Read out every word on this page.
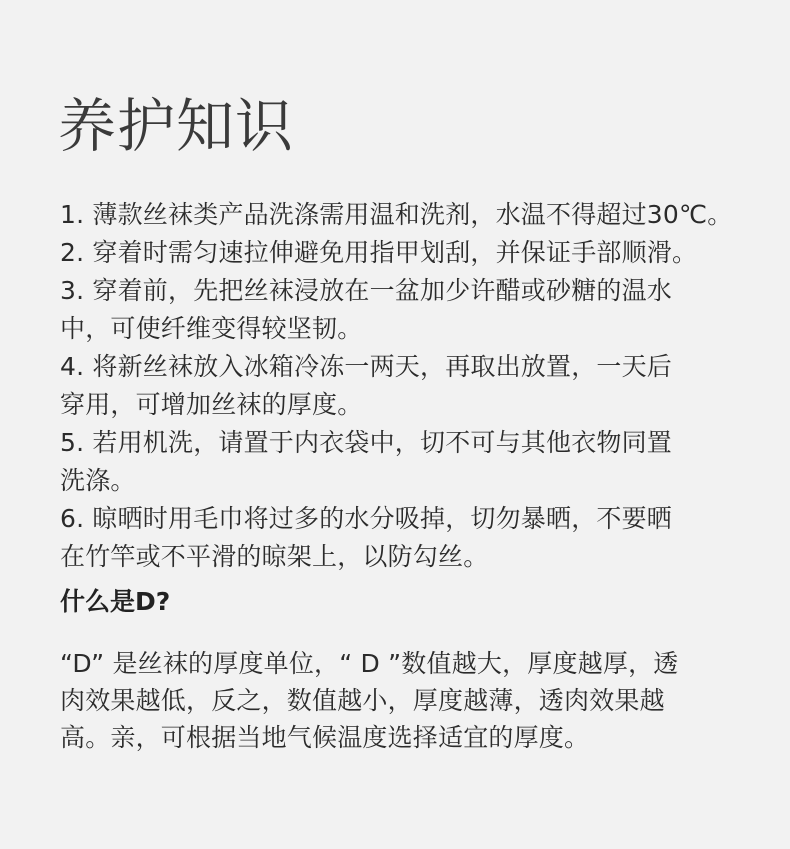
养护知识
1. 薄款丝袜类产品洗涤需用温和洗剂，水温不得超过30℃。
2. 穿着时需匀速拉伸避免用指甲划刮，并保证手部顺滑。
3. 穿着前，先把丝袜浸放在一盆加少许醋或砂糖的温水
中，可使纤维变得较坚韧。
4. 将新丝袜放入冰箱冷冻一两天，再取出放置，一天后
穿用，可增加丝袜的厚度。
5. 若用机洗，请置于内衣袋中，切不可与其他衣物同置
洗涤。
6. 晾晒时用毛巾将过多的水分吸掉，切勿暴晒，不要晒
在竹竿或不平滑的晾架上，以防勾丝。
什么是D?

“D” 是丝袜的厚度单位，“ D ”数值越大，厚度越厚，透
肉效果越低，反之，数值越小，厚度越薄，透肉效果越
高。亲，可根据当地气候温度选择适宜的厚度。
